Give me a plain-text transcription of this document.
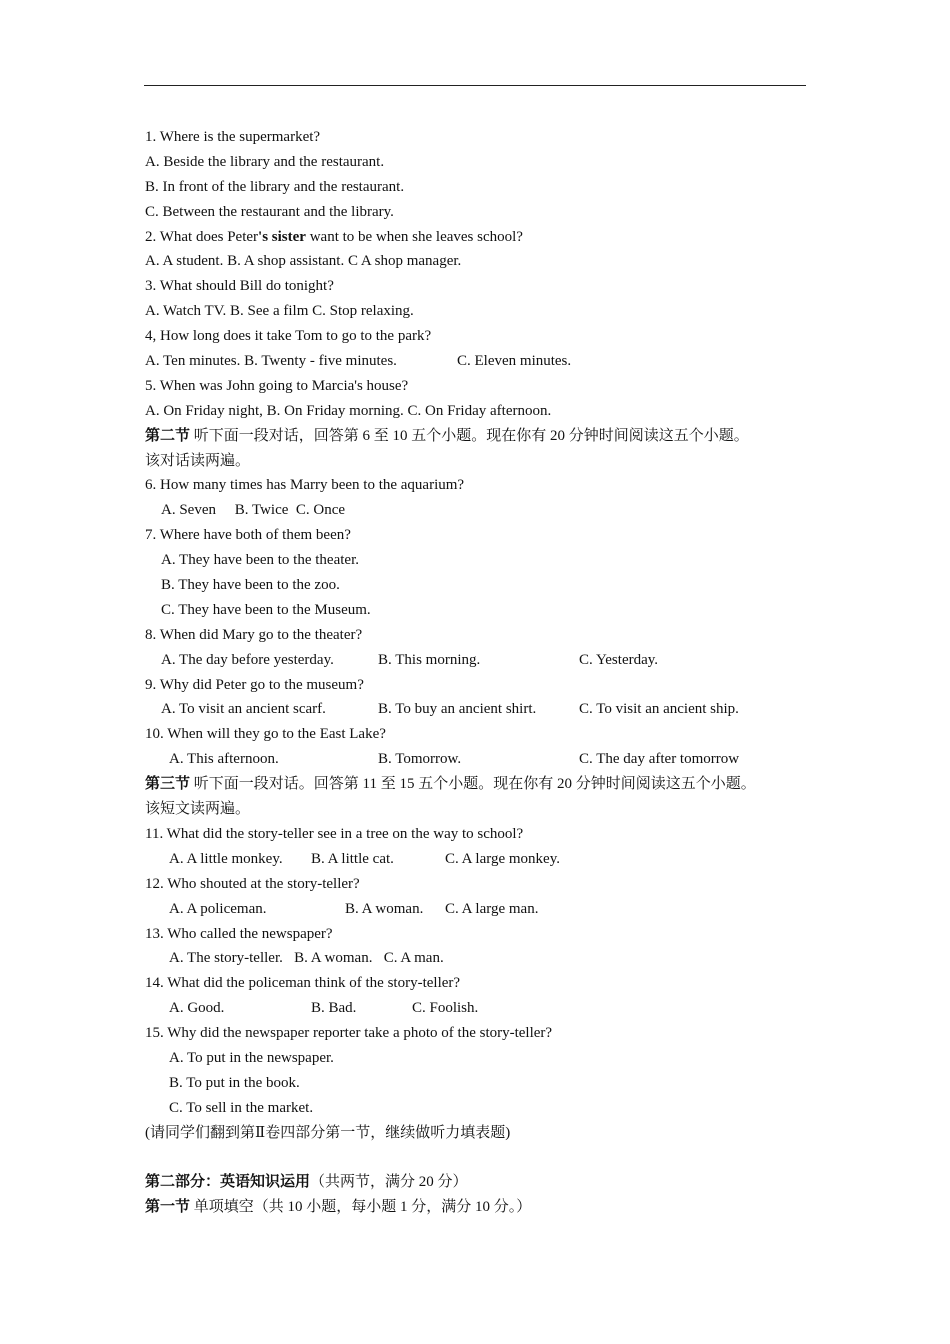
1. Where is the supermarket?
A. Beside the library and the restaurant.
B. In front of the library and the restaurant.
C. Between the restaurant and the library.
2. What does Peter's sister want to be when she leaves school?
A. A student. B. A shop assistant. C A shop manager.
3. What should Bill do tonight?
A. Watch TV. B. See a film C. Stop relaxing.
4, How long does it take Tom to go to the park?
A. Ten minutes. B. Twenty - five minutes.	C. Eleven minutes.
5. When was John going to Marcia's house?
A. On Friday night, B. On Friday morning. C. On Friday afternoon.
第二节 听下面一段对话，回答第 6 至 10 五个小题。现在你有 20 分钟时间阅读这五个小题。
该对话读两遍。
6. How many times has Marry been to the aquarium?
A. Seven     B. Twice  C. Once
7. Where have both of them been?
A. They have been to the theater.
B. They have been to the zoo.
C. They have been to the Museum.
8. When did Mary go to the theater?
A. The day before yesterday.	B. This morning.	C. Yesterday.
9. Why did Peter go to the museum?
A. To visit an ancient scarf.	B. To buy an ancient shirt.	C. To visit an ancient ship.
10. When will they go to the East Lake?
A. This afternoon.	B. Tomorrow.	C. The day after tomorrow
第三节 听下面一段对话。回答第 11 至 15 五个小题。现在你有 20 分钟时间阅读这五个小题。
该短文读两遍。
11. What did the story-teller see in a tree on the way to school?
A. A little monkey. B. A little cat.	C. A large monkey.
12. Who shouted at the story-teller?
A. A policeman.	B. A woman. C. A large man.
13. Who called the newspaper?
A. The story-teller.   B. A woman.   C. A man.
14. What did the policeman think of the story-teller?
A. Good.	B. Bad.	C. Foolish.
15. Why did the newspaper reporter take a photo of the story-teller?
A. To put in the newspaper.
B. To put in the book.
C. To sell in the market.
(请同学们翻到第Ⅱ卷四部分第一节，继续做听力填表题)
第二部分：英语知识运用（共两节，满分 20 分）
第一节 单项填空（共 10 小题，每小题 1 分，满分 10 分。）
